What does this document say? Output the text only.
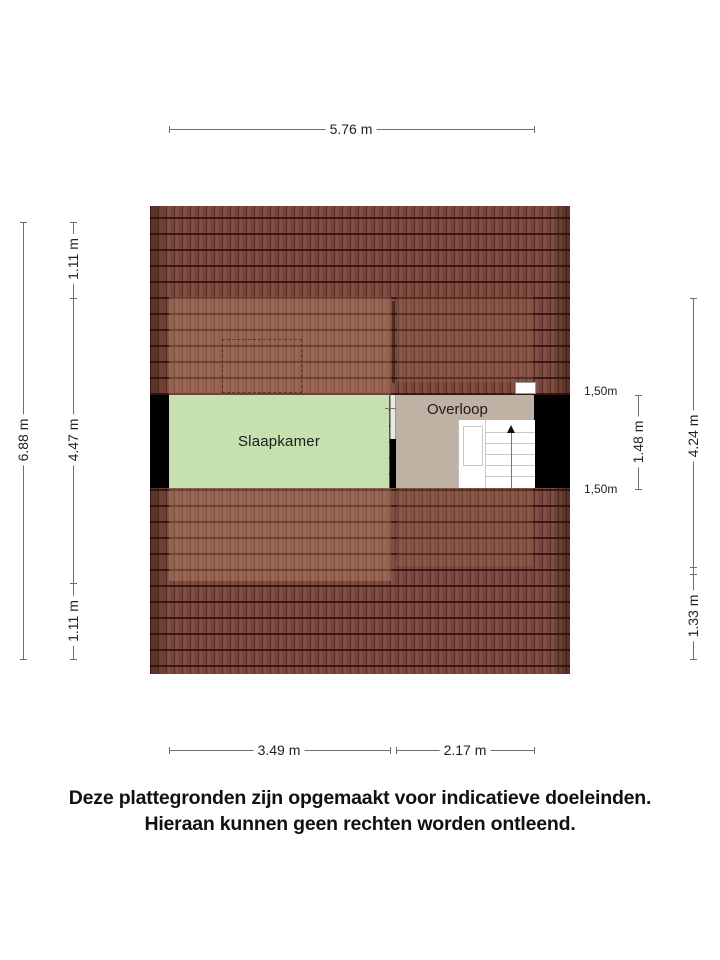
5.76 m
6.88 m
1.11 m
4.47 m
1.11 m
4.24 m
1.33 m
1.48 m
1,50m
1,50m
Slaapkamer
Overloop
3.49 m	2.17 m
Deze plattegronden zijn opgemaakt voor indicatieve doeleinden.
Hieraan kunnen geen rechten worden ontleend.
